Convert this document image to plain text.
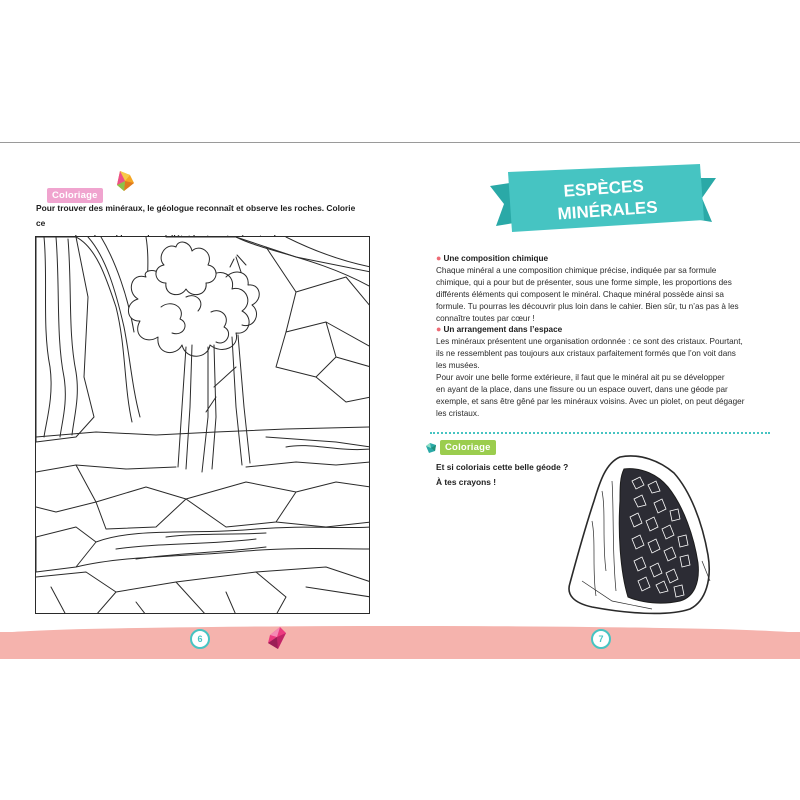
Coloriage
Pour trouver des minéraux, le géologue reconnaît et observe les roches. Colorie ce
ESPÈCES
MINÉRALES
● Une composition chimique
Chaque minéral a une composition chimique précise, indiquée par sa formule
chimique, qui a pour but de présenter, sous une forme simple, les proportions des
différents éléments qui composent le minéral. Chaque minéral possède ainsi sa
formule. Tu pourras les découvrir plus loin dans le cahier. Bien sûr, tu n’as pas à les
connaître toutes par cœur !
● Un arrangement dans l’espace
Les minéraux présentent une organisation ordonnée : ce sont des cristaux. Pourtant,
ils ne ressemblent pas toujours aux cristaux parfaitement formés que l’on voit dans
les musées.
Pour avoir une belle forme extérieure, il faut que le minéral ait pu se développer
en ayant de la place, dans une fissure ou un espace ouvert, dans une géode par
exemple, et sans être gêné par les minéraux voisins. Avec un piolet, on peut dégager
les cristaux.
Coloriage
Et si coloriais cette belle géode ?
À tes crayons !
6	7
